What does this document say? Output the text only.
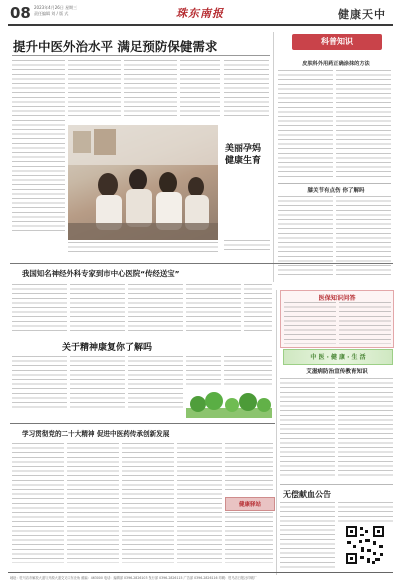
08 2023年4月26日 星期三
责任编辑 刘 / 版 式	珠东南报	健康天中
提升中医外治水平 满足预防保健需求
美丽孕妈
健康生育
科普知识
皮肤科外用药正确涂抹的方法
膝关节有点伤 你了解吗
我国知名神经外科专家到市中心医院“传经送宝”
关于精神康复你了解吗
医保知识问答
中 医 · 健 康 · 生 活
艾滋病防治宣传教育知识
无偿献血公告
学习贯彻党的二十大精神 促进中医药传承创新发展
健康驿站
地址：驻马店市解放大道与开源大道交叉口东北角 邮编：463000 电话：编辑部 0396-2826103 发行部 0396-2826115 广告部 0396-2826116 印刷：驻马店日报社印刷厂
